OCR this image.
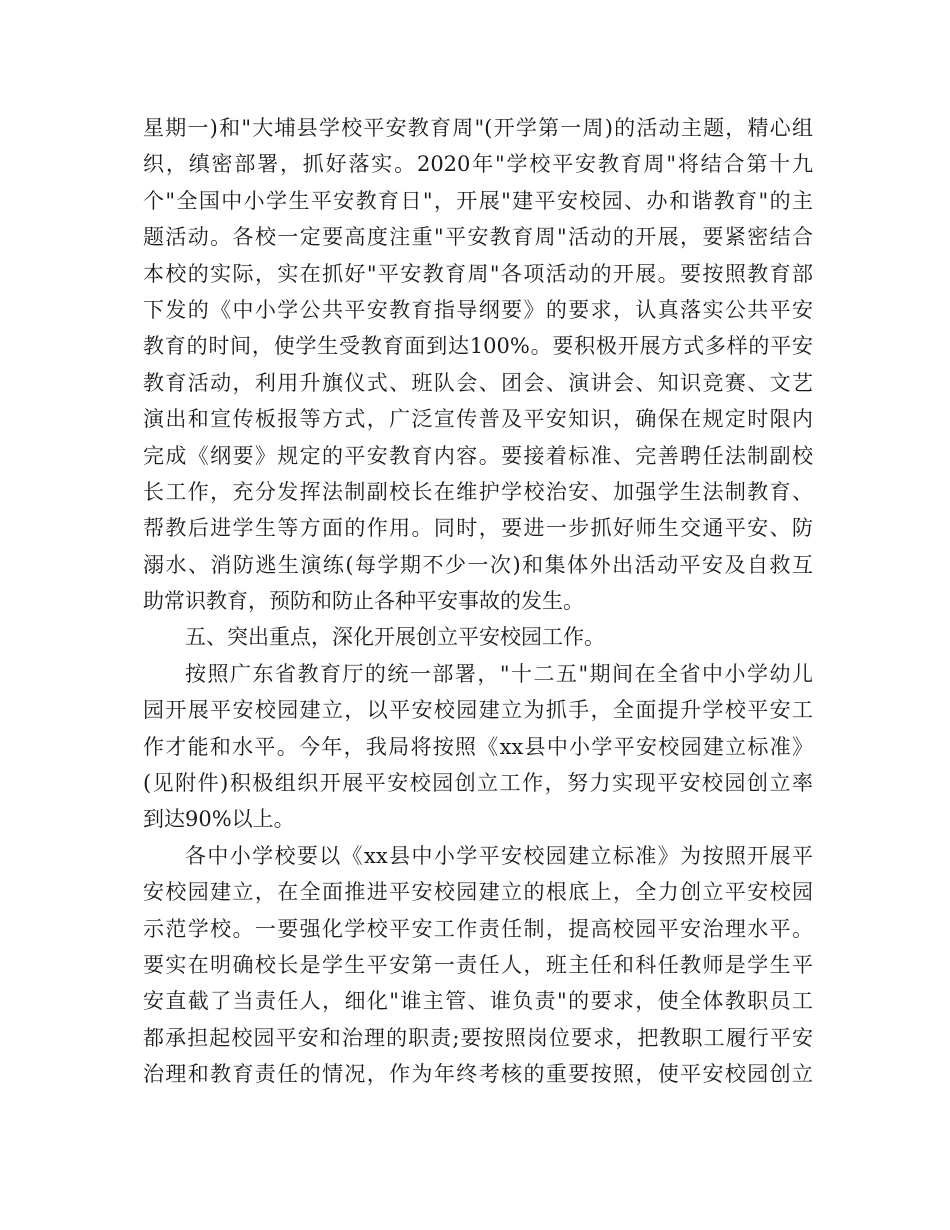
星期一)和"大埔县学校平安教育周"(开学第一周)的活动主题，精心组
织，缜密部署，抓好落实。2020年"学校平安教育周"将结合第十九
个"全国中小学生平安教育日"，开展"建平安校园、办和谐教育"的主
题活动。各校一定要高度注重"平安教育周"活动的开展，要紧密结合
本校的实际，实在抓好"平安教育周"各项活动的开展。要按照教育部
下发的《中小学公共平安教育指导纲要》的要求，认真落实公共平安
教育的时间，使学生受教育面到达100%。要积极开展方式多样的平安
教育活动，利用升旗仪式、班队会、团会、演讲会、知识竞赛、文艺
演出和宣传板报等方式，广泛宣传普及平安知识，确保在规定时限内
完成《纲要》规定的平安教育内容。要接着标准、完善聘任法制副校
长工作，充分发挥法制副校长在维护学校治安、加强学生法制教育、
帮教后进学生等方面的作用。同时，要进一步抓好师生交通平安、防
溺水、消防逃生演练(每学期不少一次)和集体外出活动平安及自救互
助常识教育，预防和防止各种平安事故的发生。
五、突出重点，深化开展创立平安校园工作。
按照广东省教育厅的统一部署，"十二五"期间在全省中小学幼儿
园开展平安校园建立，以平安校园建立为抓手，全面提升学校平安工
作才能和水平。今年，我局将按照《xx县中小学平安校园建立标准》
(见附件)积极组织开展平安校园创立工作，努力实现平安校园创立率
到达90%以上。
各中小学校要以《xx县中小学平安校园建立标准》为按照开展平
安校园建立，在全面推进平安校园建立的根底上，全力创立平安校园
示范学校。一要强化学校平安工作责任制，提高校园平安治理水平。
要实在明确校长是学生平安第一责任人，班主任和科任教师是学生平
安直截了当责任人，细化"谁主管、谁负责"的要求，使全体教职员工
都承担起校园平安和治理的职责;要按照岗位要求，把教职工履行平安
治理和教育责任的情况，作为年终考核的重要按照，使平安校园创立
